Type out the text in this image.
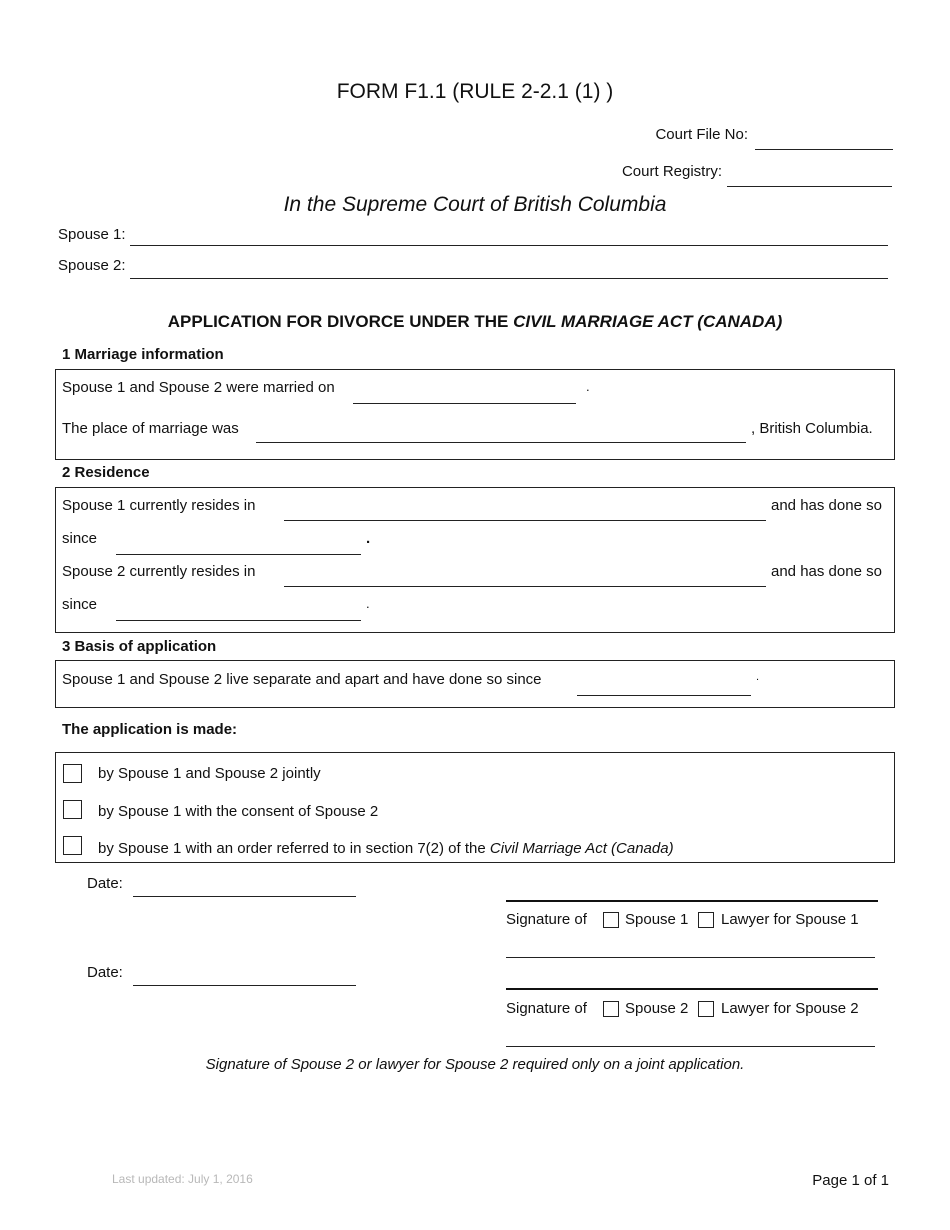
FORM F1.1 (RULE 2-2.1 (1) )
Court File No:
Court Registry:
In the Supreme Court of British Columbia
Spouse 1:
Spouse 2:
APPLICATION FOR DIVORCE UNDER THE CIVIL MARRIAGE ACT (CANADA)
1 Marriage information
Spouse 1 and Spouse 2 were married on	.
The place of marriage was	, British Columbia.
2 Residence
Spouse 1 currently resides in	and has done so
since	.
Spouse 2 currently resides in	and has done so
since	.
3 Basis of application
Spouse 1 and Spouse 2 live separate and apart and have done so since	.
The application is made:
by Spouse 1 and Spouse 2 jointly
by Spouse 1 with the consent of Spouse 2
by Spouse 1 with an order referred to in section 7(2) of the Civil Marriage Act (Canada)
Date:
Signature of	Spouse 1 Lawyer for Spouse 1
Date:
Signature of	Spouse 2 Lawyer for Spouse 2
Signature of Spouse 2 or lawyer for Spouse 2 required only on a joint application.
Last updated: July 1, 2016	Page 1 of 1
